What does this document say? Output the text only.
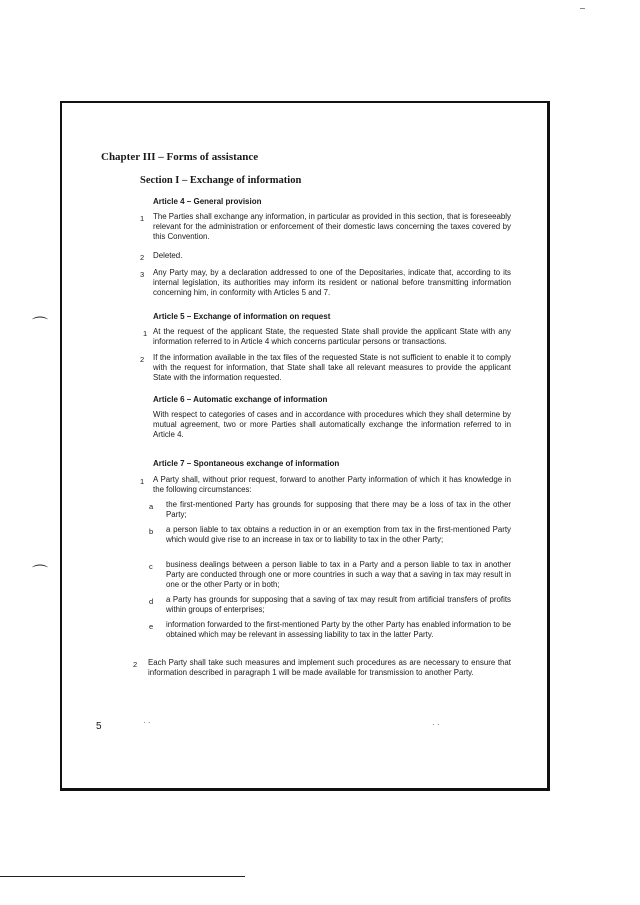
Chapter III – Forms of assistance
Section I – Exchange of information
Article 4 – General provision
1 The Parties shall exchange any information, in particular as provided in this section, that is foreseeably relevant for the administration or enforcement of their domestic laws concerning the taxes covered by this Convention.
2 Deleted.
3 Any Party may, by a declaration addressed to one of the Depositaries, indicate that, according to its internal legislation, its authorities may inform its resident or national before transmitting information concerning him, in conformity with Articles 5 and 7.
Article 5 – Exchange of information on request
1 At the request of the applicant State, the requested State shall provide the applicant State with any information referred to in Article 4 which concerns particular persons or transactions.
2 If the information available in the tax files of the requested State is not sufficient to enable it to comply with the request for information, that State shall take all relevant measures to provide the applicant State with the information requested.
Article 6 – Automatic exchange of information
With respect to categories of cases and in accordance with procedures which they shall determine by mutual agreement, two or more Parties shall automatically exchange the information referred to in Article 4.
Article 7 – Spontaneous exchange of information
1 A Party shall, without prior request, forward to another Party information of which it has knowledge in the following circumstances:
a the first-mentioned Party has grounds for supposing that there may be a loss of tax in the other Party;
b a person liable to tax obtains a reduction in or an exemption from tax in the first-mentioned Party which would give rise to an increase in tax or to liability to tax in the other Party;
c business dealings between a person liable to tax in a Party and a person liable to tax in another Party are conducted through one or more countries in such a way that a saving in tax may result in one or the other Party or in both;
d a Party has grounds for supposing that a saving of tax may result from artificial transfers of profits within groups of enterprises;
e information forwarded to the first-mentioned Party by the other Party has enabled information to be obtained which may be relevant in assessing liability to tax in the latter Party.
2 Each Party shall take such measures and implement such procedures as are necessary to ensure that information described in paragraph 1 will be made available for transmission to another Party.
5
⌒
⌒
· ·	· ·
